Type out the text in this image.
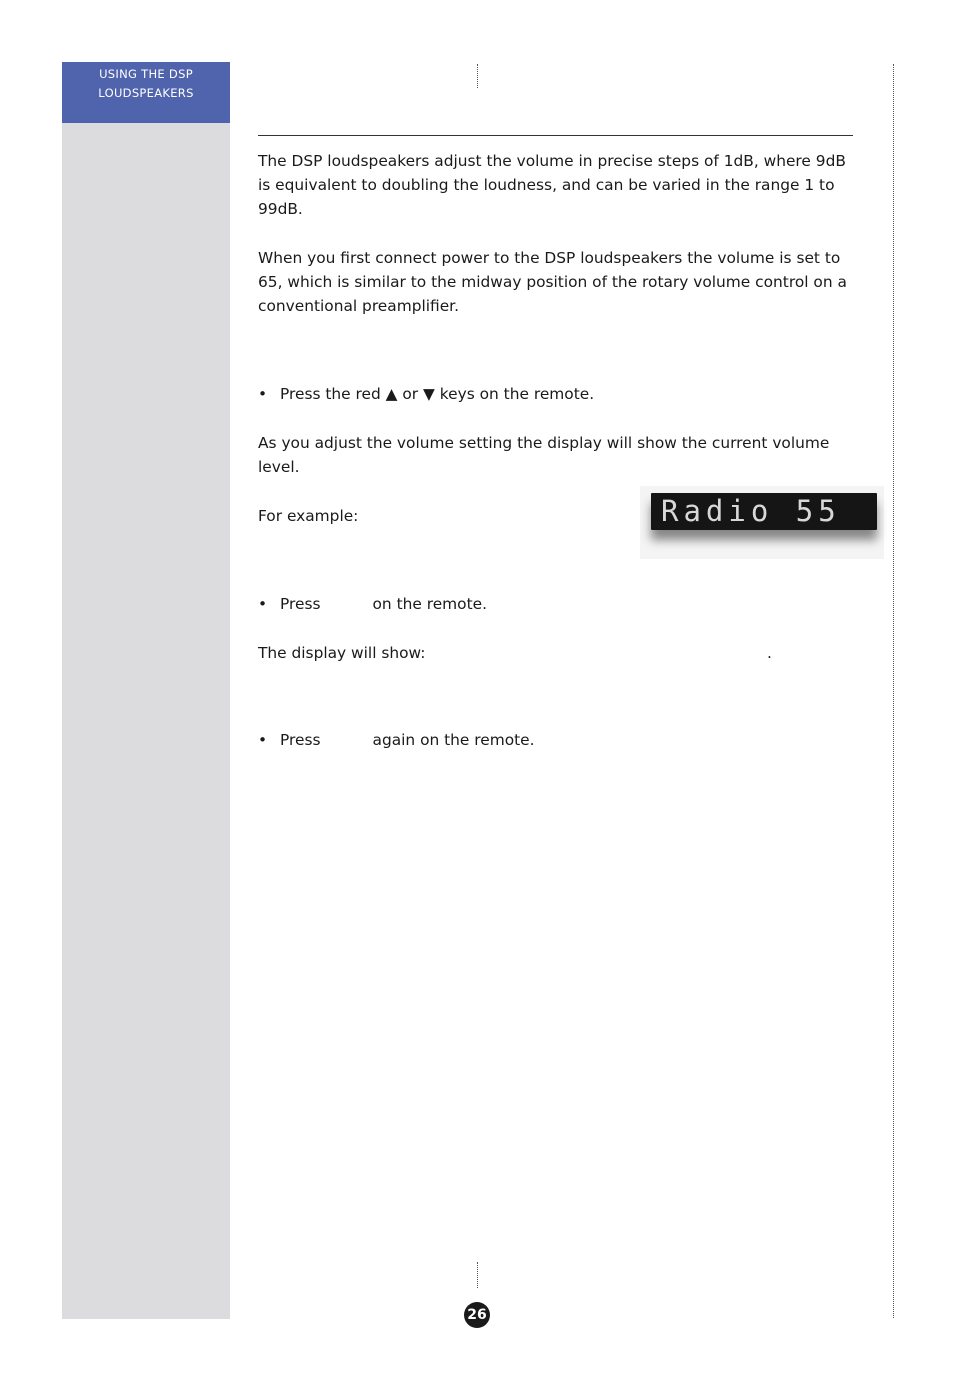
USING THE DSP
LOUDSPEAKERS

The DSP loudspeakers adjust the volume in precise steps of 1dB, where 9dB is equivalent to doubling the loudness, and can be varied in the range 1 to 99dB.

When you first connect power to the DSP loudspeakers the volume is set to 65, which is similar to the midway position of the rotary volume control on a conventional preamplifier.

• Press the red ▲ or ▼ keys on the remote.

As you adjust the volume setting the display will show the current volume level.

For example:	Radio 55
• Press	on the remote.

The display will show:	.
• Press	again on the remote.
26
